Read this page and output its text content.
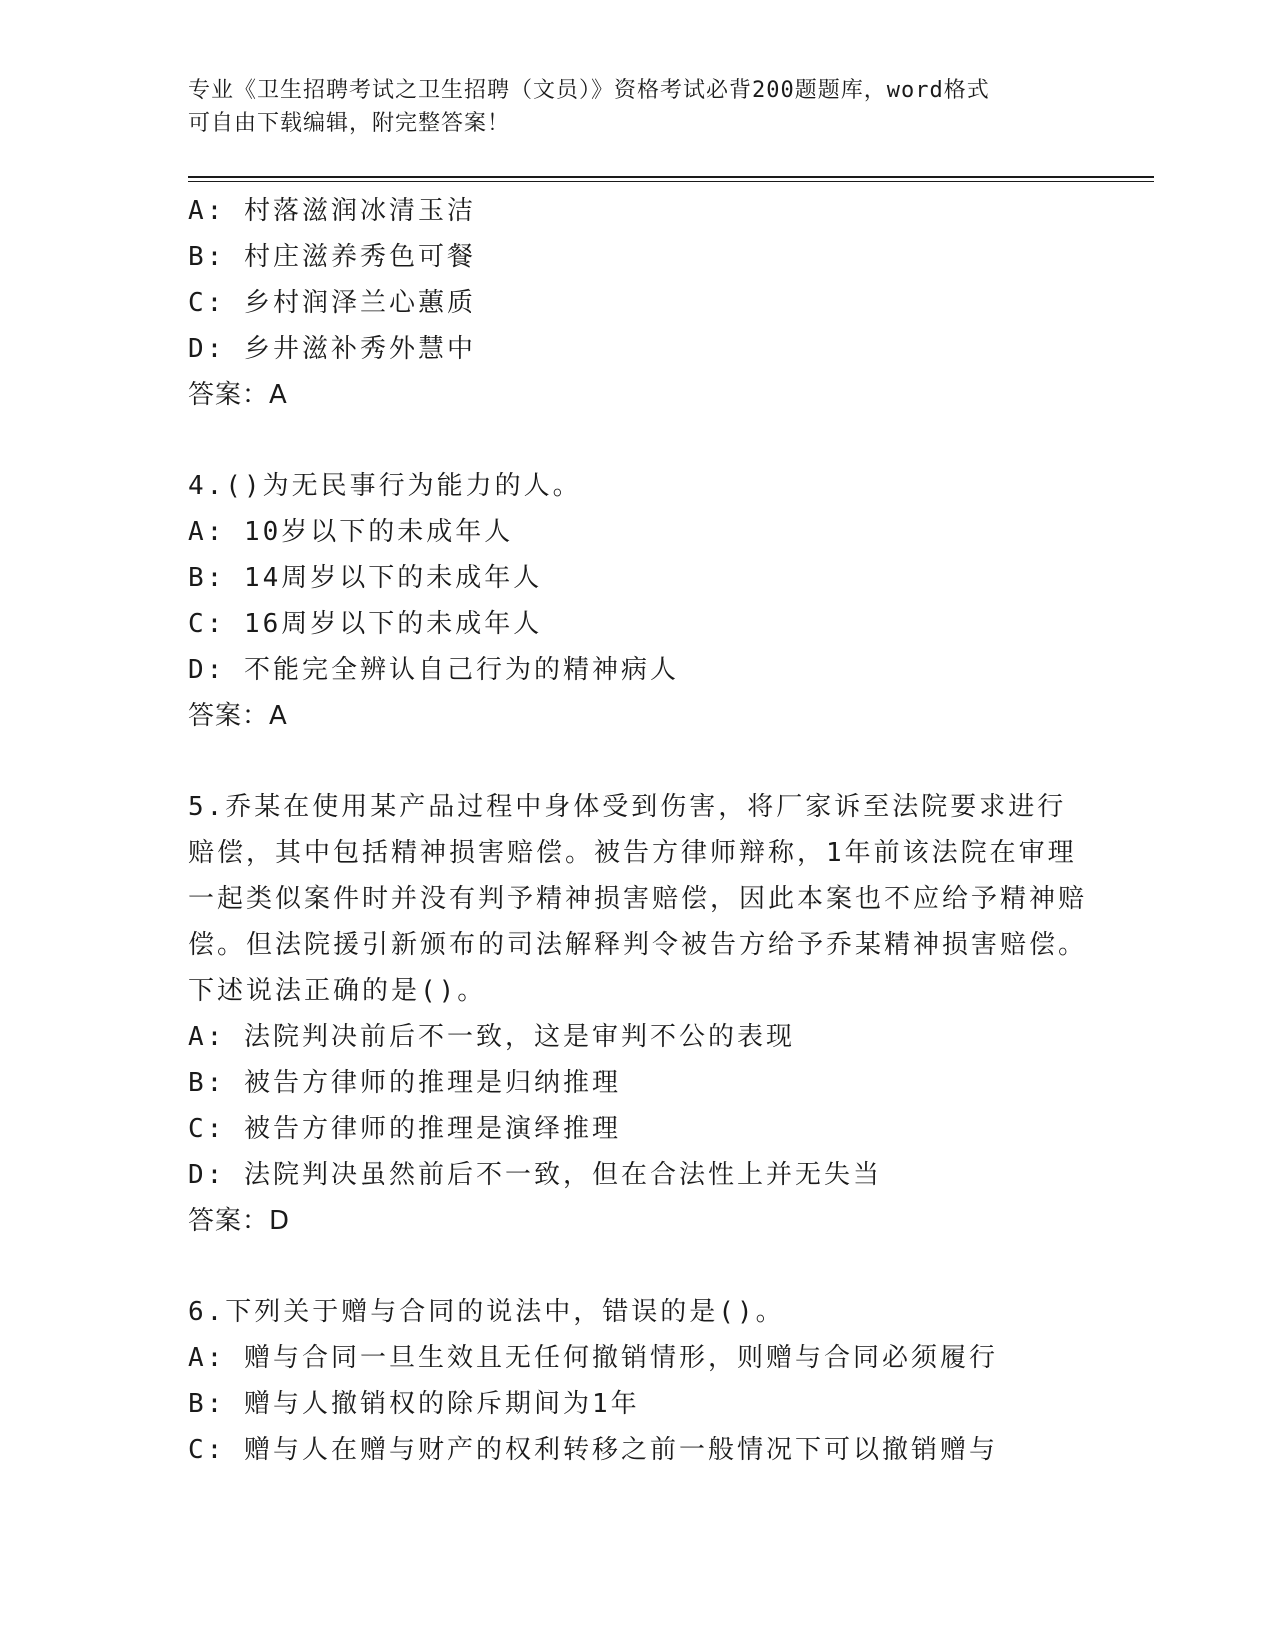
专业《卫生招聘考试之卫生招聘（文员）》资格考试必背200题题库，word格式

可自由下载编辑，附完整答案！

A: 村落滋润冰清玉洁

B: 村庄滋养秀色可餐

C: 乡村润泽兰心蕙质

D: 乡井滋补秀外慧中

答案：A

4.()为无民事行为能力的人。

A: 10岁以下的未成年人

B: 14周岁以下的未成年人

C: 16周岁以下的未成年人

D: 不能完全辨认自己行为的精神病人

答案：A

5.乔某在使用某产品过程中身体受到伤害，将厂家诉至法院要求进行赔偿，其中包括精神损害赔偿。被告方律师辩称，1年前该法院在审理一起类似案件时并没有判予精神损害赔偿，因此本案也不应给予精神赔偿。但法院援引新颁布的司法解释判令被告方给予乔某精神损害赔偿。下述说法正确的是()。

A: 法院判决前后不一致，这是审判不公的表现

B: 被告方律师的推理是归纳推理

C: 被告方律师的推理是演绎推理

D: 法院判决虽然前后不一致，但在合法性上并无失当

答案：D

6.下列关于赠与合同的说法中，错误的是()。

A: 赠与合同一旦生效且无任何撤销情形，则赠与合同必须履行

B: 赠与人撤销权的除斥期间为1年

C: 赠与人在赠与财产的权利转移之前一般情况下可以撤销赠与
